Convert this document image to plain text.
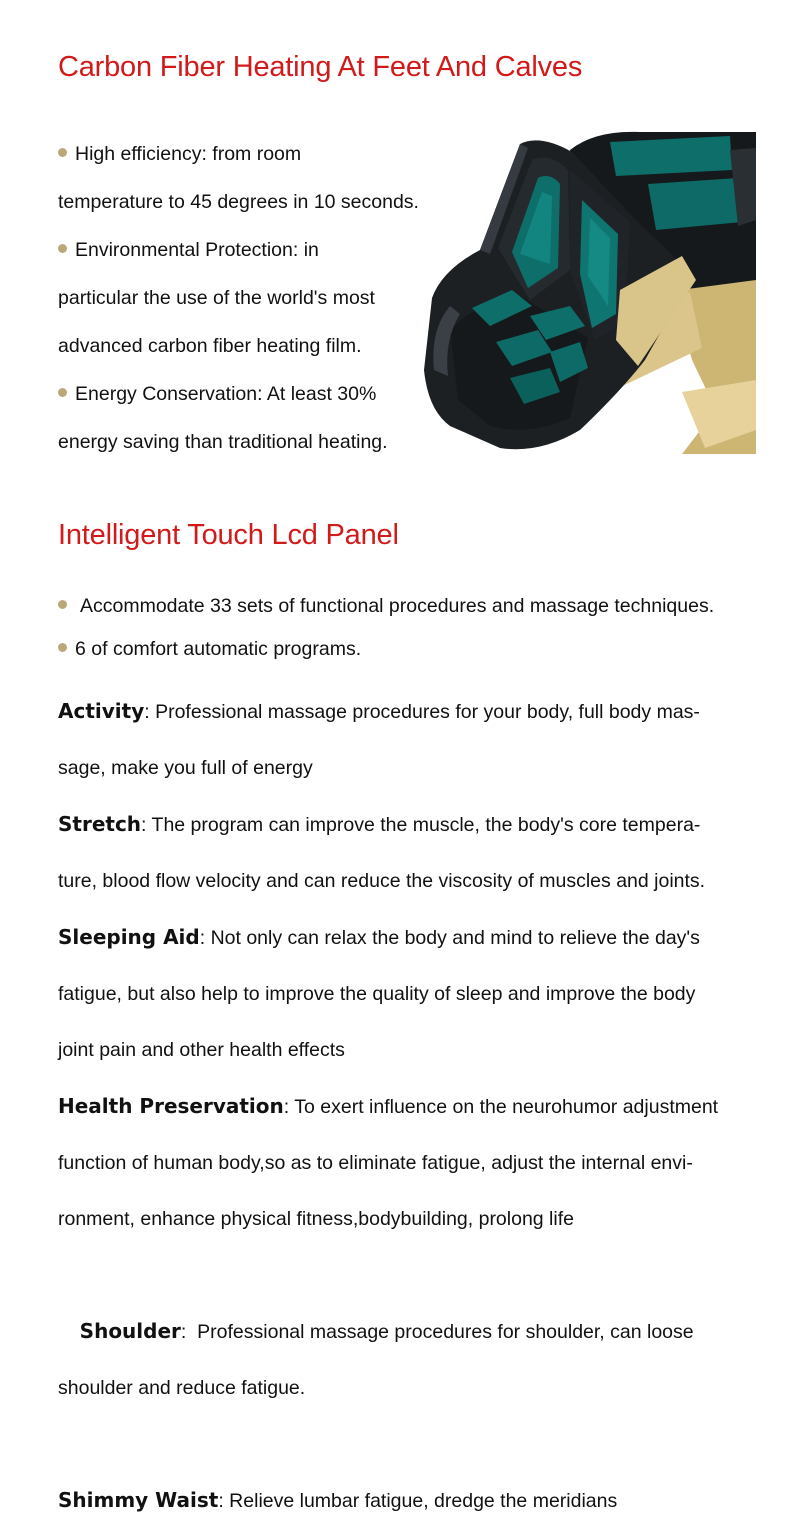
Carbon Fiber Heating At Feet And Calves
High efficiency: from room
temperature to 45 degrees in 10 seconds.
Environmental Protection: in
particular the use of the world's most
advanced carbon fiber heating film.
Energy Conservation: At least 30%
energy saving than traditional heating.
Intelligent Touch Lcd Panel
Accommodate 33 sets of functional procedures and massage techniques.
6 of comfort automatic programs.

Activity: Professional massage procedures for your body, full body mas-
sage, make you full of energy

Stretch: The program can improve the muscle, the body's core tempera-
ture, blood flow velocity and can reduce the viscosity of muscles and joints.

Sleeping Aid: Not only can relax the body and mind to relieve the day's
fatigue, but also help to improve the quality of sleep and improve the body
joint pain and other health effects

Health Preservation: To exert influence on the neurohumor adjustment
function of human body,so as to eliminate fatigue, adjust the internal envi-
ronment, enhance physical fitness,bodybuilding, prolong life

Shoulder:  Professional massage procedures for shoulder, can loose
shoulder and reduce fatigue.

Shimmy Waist: Relieve lumbar fatigue, dredge the meridians
